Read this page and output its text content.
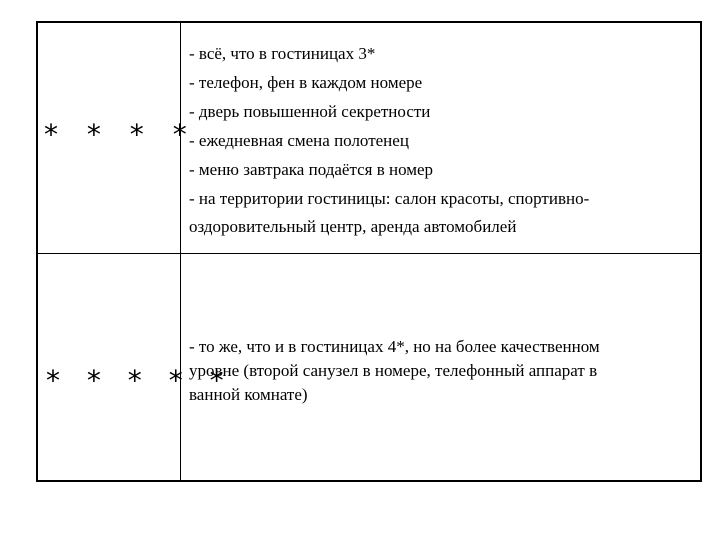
* * * *
- всё, что в гостиницах 3*
- телефон, фен в каждом номере
- дверь повышенной секретности
- ежедневная смена полотенец
- меню завтрака подаётся в номер
- на территории гостиницы: салон красоты, спортивно-
оздоровительный центр, аренда автомобилей
* * * * *
- то же, что и в гостиницах 4*, но на более качественном
уровне (второй санузел в номере, телефонный аппарат в
ванной комнате)
